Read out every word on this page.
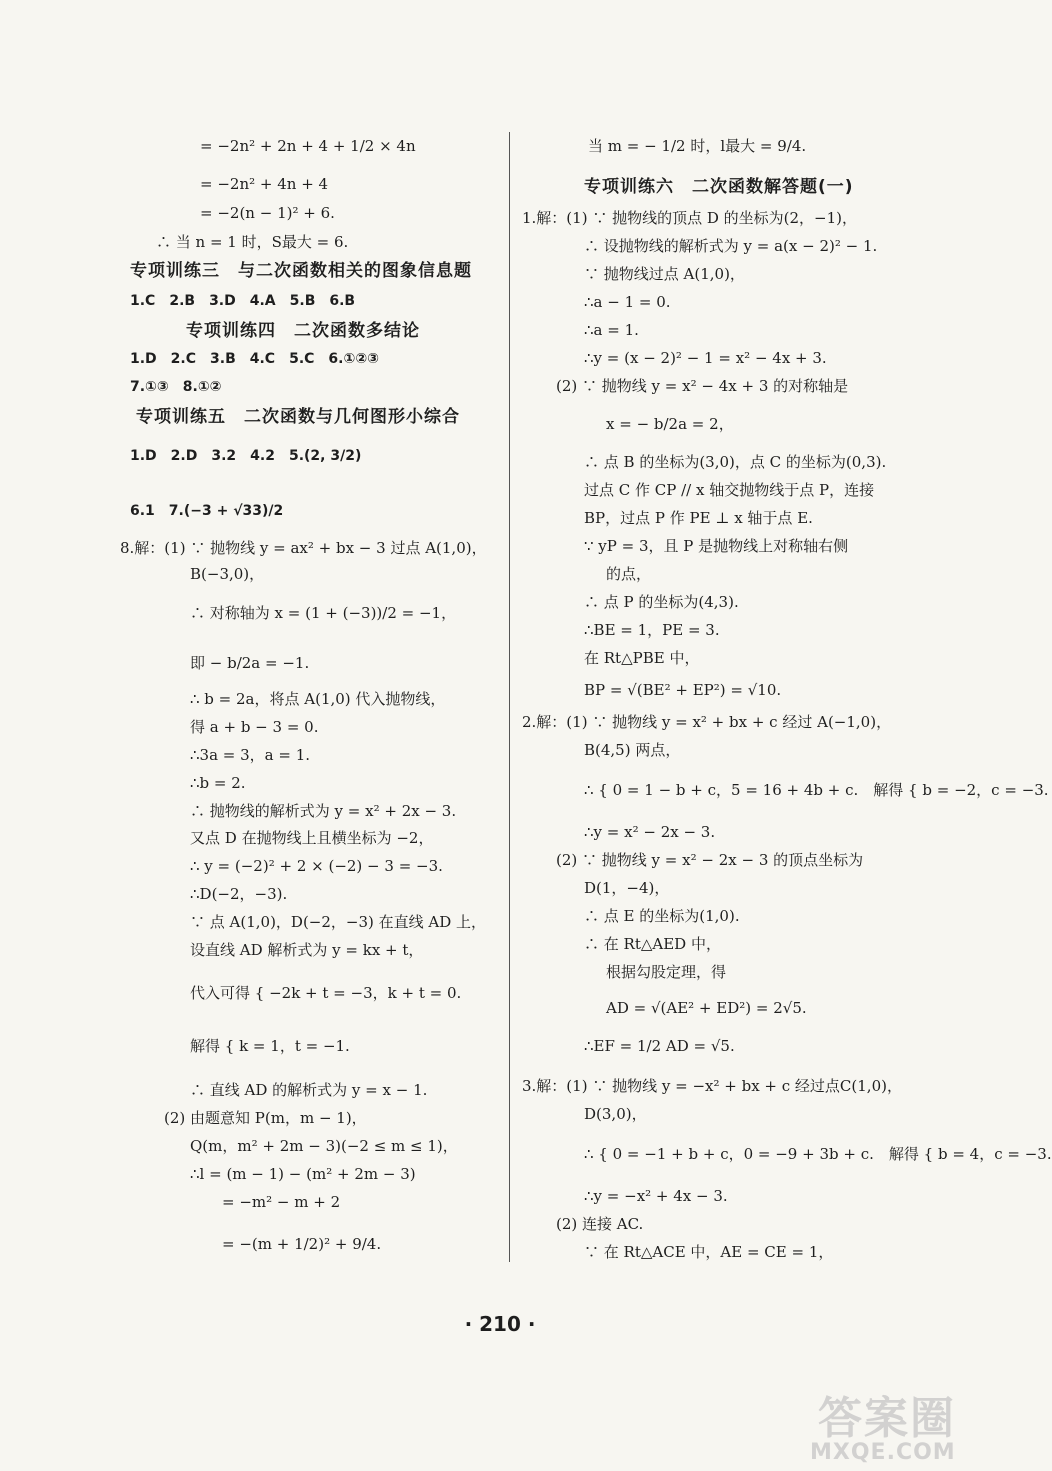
= −2n² + 2n + 4 + 1/2 × 4n
= −2n² + 4n + 4
= −2(n − 1)² + 6.
∴ 当 n = 1 时，S最大 = 6.
专项训练三　与二次函数相关的图象信息题
1.C　2.B　3.D　4.A　5.B　6.B
专项训练四　二次函数多结论
1.D　2.C　3.B　4.C　5.C　6.①②③
7.①③　8.①②
专项训练五　二次函数与几何图形小综合
1.D　2.D　3.2　4.2　5.(2, 3/2)
6.1　7.(−3 + √33)/2
8.解：(1) ∵ 抛物线 y = ax² + bx − 3 过点 A(1,0)，
B(−3,0)，
∴ 对称轴为 x = (1 + (−3))/2 = −1，
即 − b/2a = −1.
∴ b = 2a，将点 A(1,0) 代入抛物线，
得 a + b − 3 = 0.
∴3a = 3，a = 1.
∴b = 2.
∴ 抛物线的解析式为 y = x² + 2x − 3.
又点 D 在抛物线上且横坐标为 −2，
∴ y = (−2)² + 2 × (−2) − 3 = −3.
∴D(−2，−3).
∵ 点 A(1,0)，D(−2，−3) 在直线 AD 上，
设直线 AD 解析式为 y = kx + t，
代入可得 { −2k + t = −3，k + t = 0.
解得 { k = 1，t = −1.
∴ 直线 AD 的解析式为 y = x − 1.
(2) 由题意知 P(m，m − 1)，
Q(m，m² + 2m − 3)(−2 ≤ m ≤ 1)，
∴l = (m − 1) − (m² + 2m − 3)
= −m² − m + 2
= −(m + 1/2)² + 9/4.
当 m = − 1/2 时，l最大 = 9/4.
专项训练六　二次函数解答题(一)
1.解：(1) ∵ 抛物线的顶点 D 的坐标为(2，−1)，
∴ 设抛物线的解析式为 y = a(x − 2)² − 1.
∵ 抛物线过点 A(1,0)，
∴a − 1 = 0.
∴a = 1.
∴y = (x − 2)² − 1 = x² − 4x + 3.
(2) ∵ 抛物线 y = x² − 4x + 3 的对称轴是
x = − b/2a = 2，
∴ 点 B 的坐标为(3,0)，点 C 的坐标为(0,3).
过点 C 作 CP // x 轴交抛物线于点 P，连接
BP，过点 P 作 PE ⊥ x 轴于点 E.
∵ yP = 3，且 P 是抛物线上对称轴右侧
的点，
∴ 点 P 的坐标为(4,3).
∴BE = 1，PE = 3.
在 Rt△PBE 中，
BP = √(BE² + EP²) = √10.
2.解：(1) ∵ 抛物线 y = x² + bx + c 经过 A(−1,0)，
B(4,5) 两点，
∴ { 0 = 1 − b + c，5 = 16 + 4b + c.　解得 { b = −2，c = −3.
∴y = x² − 2x − 3.
(2) ∵ 抛物线 y = x² − 2x − 3 的顶点坐标为
D(1，−4)，
∴ 点 E 的坐标为(1,0).
∴ 在 Rt△AED 中，
根据勾股定理，得
AD = √(AE² + ED²) = 2√5.
∴EF = 1/2 AD = √5.
3.解：(1) ∵ 抛物线 y = −x² + bx + c 经过点C(1,0)，
D(3,0)，
∴ { 0 = −1 + b + c，0 = −9 + 3b + c.　解得 { b = 4，c = −3.
∴y = −x² + 4x − 3.
(2) 连接 AC.
∵ 在 Rt△ACE 中，AE = CE = 1，
· 210 ·
答案圈
MXQE.COM
